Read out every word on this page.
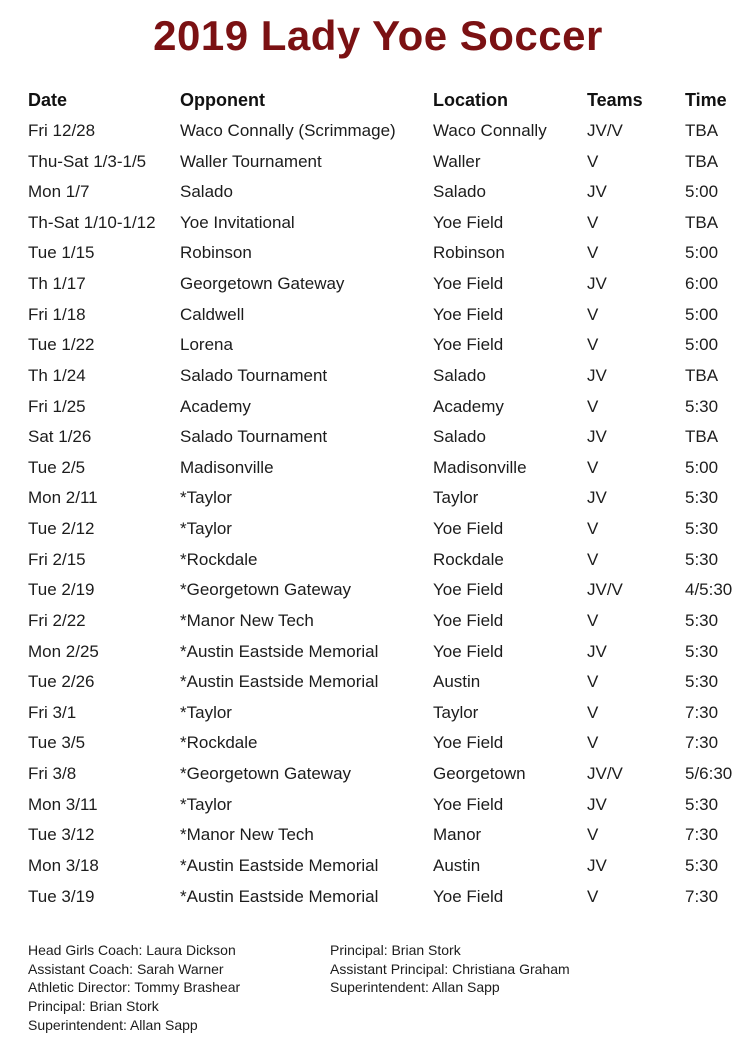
2019 Lady Yoe Soccer
Date	Opponent	Location	Teams	Time
Fri 12/28	Waco Connally (Scrimmage)	Waco Connally	JV/V	TBA
Thu-Sat 1/3-1/5	Waller Tournament	Waller	V	TBA
Mon 1/7	Salado	Salado	JV	5:00
Th-Sat 1/10-1/12	Yoe Invitational	Yoe Field	V	TBA
Tue 1/15	Robinson	Robinson	V	5:00
Th 1/17	Georgetown Gateway	Yoe Field	JV	6:00
Fri 1/18	Caldwell	Yoe Field	V	5:00
Tue 1/22	Lorena	Yoe Field	V	5:00
Th 1/24	Salado Tournament	Salado	JV	TBA
Fri 1/25	Academy	Academy	V	5:30
Sat 1/26	Salado Tournament	Salado	JV	TBA
Tue 2/5	Madisonville	Madisonville	V	5:00
Mon 2/11	*Taylor	Taylor	JV	5:30
Tue 2/12	*Taylor	Yoe Field	V	5:30
Fri 2/15	*Rockdale	Rockdale	V	5:30
Tue 2/19	*Georgetown Gateway	Yoe Field	JV/V	4/5:30
Fri 2/22	*Manor New Tech	Yoe Field	V	5:30
Mon 2/25	*Austin Eastside Memorial	Yoe Field	JV	5:30
Tue 2/26	*Austin Eastside Memorial	Austin	V	5:30
Fri 3/1	*Taylor	Taylor	V	7:30
Tue 3/5	*Rockdale	Yoe Field	V	7:30
Fri 3/8	*Georgetown Gateway	Georgetown	JV/V	5/6:30
Mon 3/11	*Taylor	Yoe Field	JV	5:30
Tue 3/12	*Manor New Tech	Manor	V	7:30
Mon 3/18	*Austin Eastside Memorial	Austin	JV	5:30
Tue 3/19	*Austin Eastside Memorial	Yoe Field	V	7:30
Head Girls Coach: Laura Dickson
Assistant Coach: Sarah Warner
Athletic Director: Tommy Brashear
Principal: Brian Stork
Superintendent: Allan Sapp
Principal: Brian Stork
Assistant Principal: Christiana Graham
Superintendent: Allan Sapp
